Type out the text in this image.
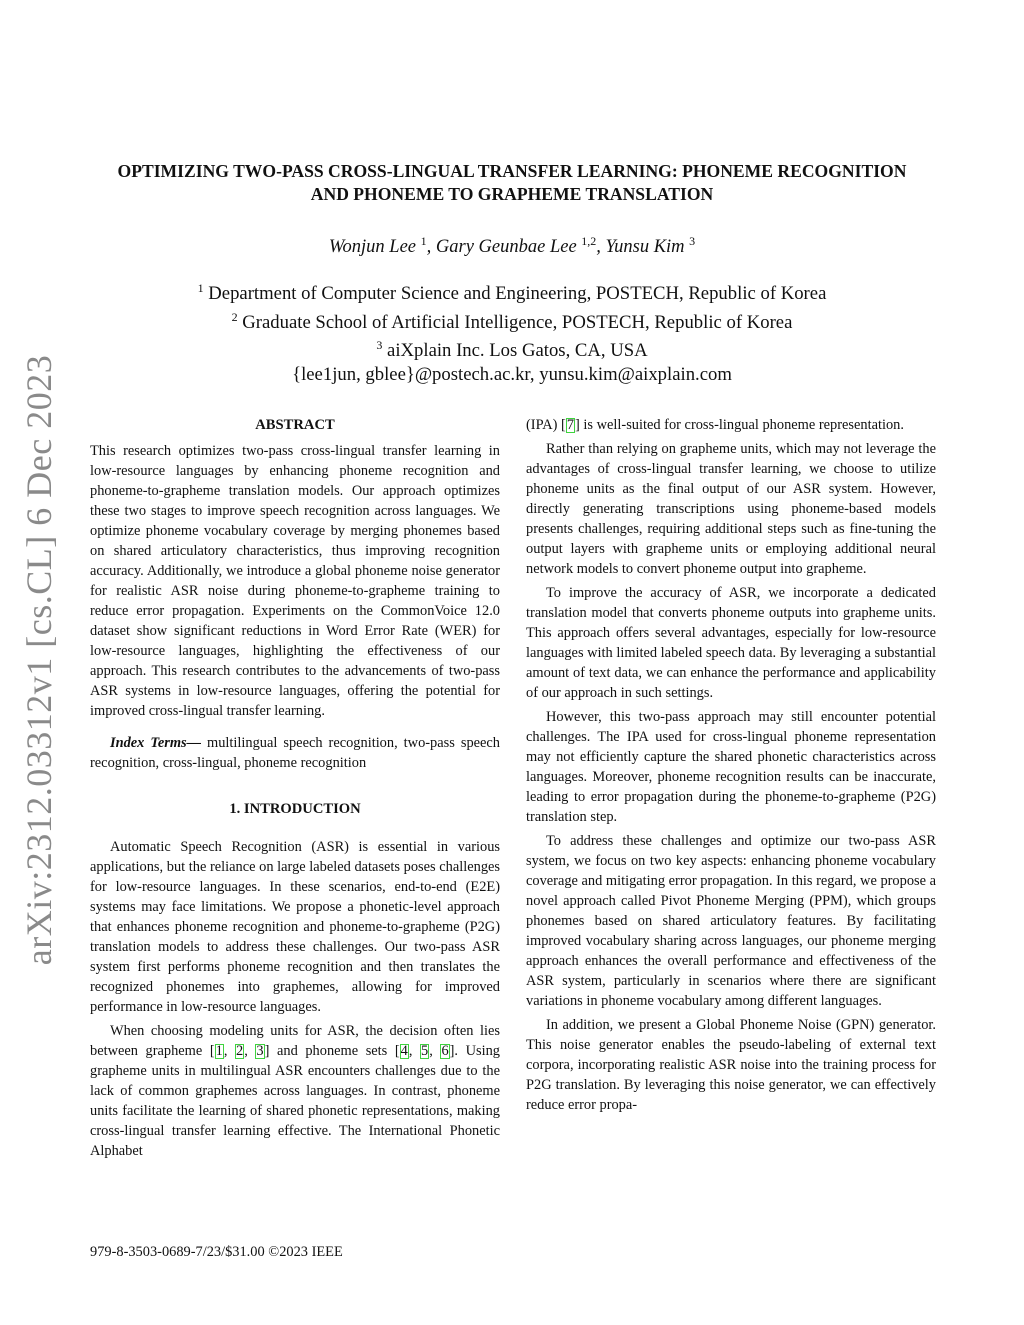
arXiv:2312.03312v1 [cs.CL] 6 Dec 2023
OPTIMIZING TWO-PASS CROSS-LINGUAL TRANSFER LEARNING: PHONEME RECOGNITION AND PHONEME TO GRAPHEME TRANSLATION
Wonjun Lee $^1$, Gary Geunbae Lee $^{1,2}$, Yunsu Kim $^3$
$^1$ Department of Computer Science and Engineering, POSTECH, Republic of Korea
$^2$ Graduate School of Artificial Intelligence, POSTECH, Republic of Korea
$^3$ aiXplain Inc. Los Gatos, CA, USA
{lee1jun, gblee}@postech.ac.kr, yunsu.kim@aixplain.com
ABSTRACT

This research optimizes two-pass cross-lingual transfer learning in low-resource languages by enhancing phoneme recognition and phoneme-to-grapheme translation models. Our approach optimizes these two stages to improve speech recognition across languages. We optimize phoneme vocabulary coverage by merging phonemes based on shared articulatory characteristics, thus improving recognition accuracy. Additionally, we introduce a global phoneme noise generator for realistic ASR noise during phoneme-to-grapheme training to reduce error propagation. Experiments on the CommonVoice 12.0 dataset show significant reductions in Word Error Rate (WER) for low-resource languages, highlighting the effectiveness of our approach. This research contributes to the advancements of two-pass ASR systems in low-resource languages, offering the potential for improved cross-lingual transfer learning.

Index Terms— multilingual speech recognition, two-pass speech recognition, cross-lingual, phoneme recognition

1. INTRODUCTION

Automatic Speech Recognition (ASR) is essential in various applications, but the reliance on large labeled datasets poses challenges for low-resource languages. In these scenarios, end-to-end (E2E) systems may face limitations. We propose a phonetic-level approach that enhances phoneme recognition and phoneme-to-grapheme (P2G) translation models to address these challenges. Our two-pass ASR system first performs phoneme recognition and then translates the recognized phonemes into graphemes, allowing for improved performance in low-resource languages.

When choosing modeling units for ASR, the decision often lies between grapheme [1, 2, 3] and phoneme sets [4, 5, 6]. Using grapheme units in multilingual ASR encounters challenges due to the lack of common graphemes across languages. In contrast, phoneme units facilitate the learning of shared phonetic representations, making cross-lingual transfer learning effective. The International Phonetic Alphabet

(IPA) [7] is well-suited for cross-lingual phoneme representation.

Rather than relying on grapheme units, which may not leverage the advantages of cross-lingual transfer learning, we choose to utilize phoneme units as the final output of our ASR system. However, directly generating transcriptions using phoneme-based models presents challenges, requiring additional steps such as fine-tuning the output layers with grapheme units or employing additional neural network models to convert phoneme output into grapheme.

To improve the accuracy of ASR, we incorporate a dedicated translation model that converts phoneme outputs into grapheme units. This approach offers several advantages, especially for low-resource languages with limited labeled speech data. By leveraging a substantial amount of text data, we can enhance the performance and applicability of our approach in such settings.

However, this two-pass approach may still encounter potential challenges. The IPA used for cross-lingual phoneme representation may not efficiently capture the shared phonetic characteristics across languages. Moreover, phoneme recognition results can be inaccurate, leading to error propagation during the phoneme-to-grapheme (P2G) translation step.

To address these challenges and optimize our two-pass ASR system, we focus on two key aspects: enhancing phoneme vocabulary coverage and mitigating error propagation. In this regard, we propose a novel approach called Pivot Phoneme Merging (PPM), which groups phonemes based on shared articulatory features. By facilitating improved vocabulary sharing across languages, our phoneme merging approach enhances the overall performance and effectiveness of the ASR system, particularly in scenarios where there are significant variations in phoneme vocabulary among different languages.

In addition, we present a Global Phoneme Noise (GPN) generator. This noise generator enables the pseudo-labeling of external text corpora, incorporating realistic ASR noise into the training process for P2G translation. By leveraging this noise generator, we can effectively reduce error propa-

979-8-3503-0689-7/23/$31.00 ©2023 IEEE
